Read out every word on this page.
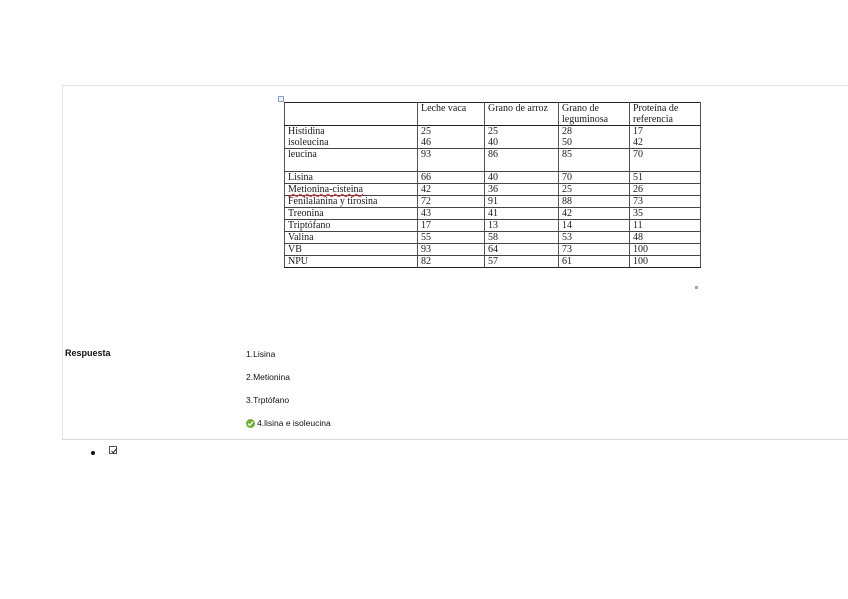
	Leche vaca	Grano de arroz	Grano de leguminosa	Proteína de referencia
Histidina	25	25	28	17
isoleucina	46	40	50	42
leucina	93	86	85	70
Lisina	66	40	70	51
Metionina-cisteina	42	36	25	26
Fenilalanina y tirosina	72	91	88	73
Treonina	43	41	42	35
Triptófano	17	13	14	11
Valina	55	58	53	48
VB	93	64	73	100
NPU	82	57	61	100
Respuesta	1.Lisina
2.Metionina
3.Trptófano
4.lisina e isoleucina
